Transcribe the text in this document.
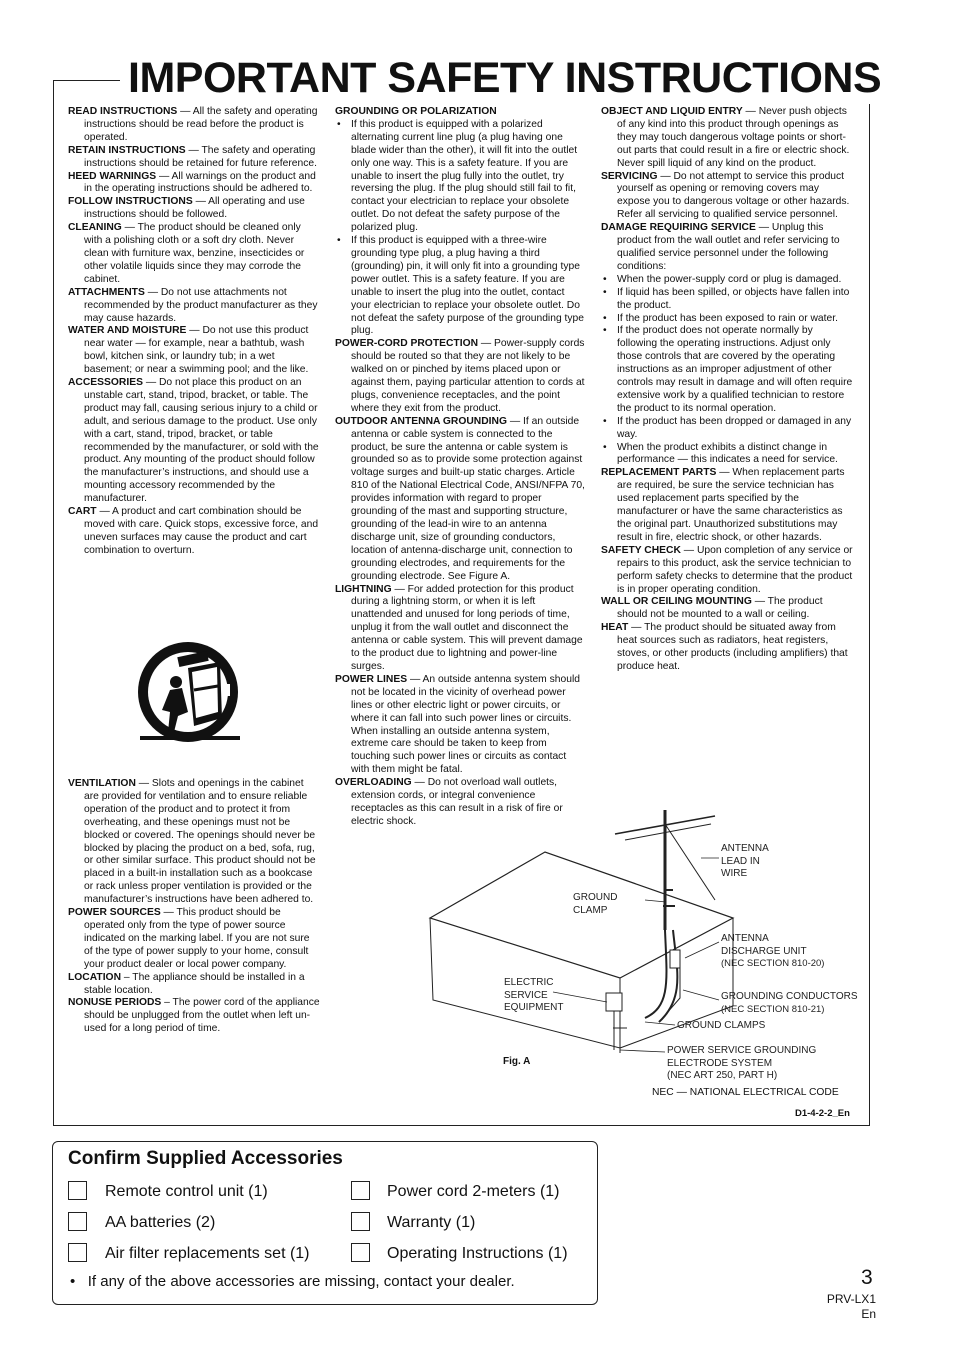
IMPORTANT SAFETY INSTRUCTIONS

READ INSTRUCTIONS — All the safety and operating instructions should be read before the product is operated.

RETAIN INSTRUCTIONS — The safety and operating instructions should be retained for future reference.

HEED WARNINGS — All warnings on the product and in the operating instructions should be adhered to.

FOLLOW INSTRUCTIONS — All operating and use instructions should be followed.

CLEANING — The product should be cleaned only with a polishing cloth or a soft dry cloth. Never clean with furniture wax, benzine, insecticides or other volatile liquids since they may corrode the cabinet.

ATTACHMENTS — Do not use attachments not recommended by the product manufacturer as they may cause hazards.

WATER AND MOISTURE — Do not use this product near water — for example, near a bathtub, wash bowl, kitchen sink, or laundry tub; in a wet basement; or near a swimming pool; and the like.

ACCESSORIES — Do not place this product on an unstable cart, stand, tripod, bracket, or table. The product may fall, causing serious injury to a child or adult, and serious damage to the product. Use only with a cart, stand, tripod, bracket, or table recommended by the manufacturer, or sold with the product. Any mounting of the product should follow the manufacturer’s instructions, and should use a mounting accessory recommended by the manufacturer.

CART — A product and cart combination should be moved with care. Quick stops, excessive force, and uneven surfaces may cause the product and cart combination to overturn.

VENTILATION — Slots and openings in the cabinet are provided for ventilation and to ensure reliable operation of the product and to protect it from overheating, and these openings must not be blocked or covered. The openings should never be blocked by placing the product on a bed, sofa, rug, or other similar surface. This product should not be placed in a built-in installation such as a bookcase or rack unless proper ventilation is provided or the manufacturer’s instructions have been adhered to.

POWER SOURCES — This product should be operated only from the type of power source indicated on the marking label. If you are not sure of the type of power supply to your home, consult your product dealer or local power company.

LOCATION – The appliance should be installed in a stable location.

NONUSE PERIODS – The power cord of the appliance should be unplugged from the outlet when left un-used for a long period of time.

GROUNDING OR POLARIZATION

• If this product is equipped with a polarized alternating current line plug (a plug having one blade wider than the other), it will fit into the outlet only one way. This is a safety feature. If you are unable to insert the plug fully into the outlet, try reversing the plug. If the plug should still fail to fit, contact your electrician to replace your obsolete outlet. Do not defeat the safety purpose of the polarized plug.

• If this product is equipped with a three-wire grounding type plug, a plug having a third (grounding) pin, it will only fit into a grounding type power outlet. This is a safety feature. If you are unable to insert the plug into the outlet, contact your electrician to replace your obsolete outlet. Do not defeat the safety purpose of the grounding type plug.

POWER-CORD PROTECTION — Power-supply cords should be routed so that they are not likely to be walked on or pinched by items placed upon or against them, paying particular attention to cords at plugs, convenience receptacles, and the point where they exit from the product.

OUTDOOR ANTENNA GROUNDING — If an outside antenna or cable system is connected to the product, be sure the antenna or cable system is grounded so as to provide some protection against voltage surges and built-up static charges. Article 810 of the National Electrical Code, ANSI/NFPA 70, provides information with regard to proper grounding of the mast and supporting structure, grounding of the lead-in wire to an antenna discharge unit, size of grounding conductors, location of antenna-discharge unit, connection to grounding electrodes, and requirements for the grounding electrode. See Figure A.

LIGHTNING — For added protection for this product during a lightning storm, or when it is left unattended and unused for long periods of time, unplug it from the wall outlet and disconnect the antenna or cable system. This will prevent damage to the product due to lightning and power-line surges.

POWER LINES — An outside antenna system should not be located in the vicinity of overhead power lines or other electric light or power circuits, or where it can fall into such power lines or circuits. When installing an outside antenna system, extreme care should be taken to keep from touching such power lines or circuits as contact with them might be fatal.

OVERLOADING — Do not overload wall outlets, extension cords, or integral convenience receptacles as this can result in a risk of fire or electric shock.

OBJECT AND LIQUID ENTRY — Never push objects of any kind into this product through openings as they may touch dangerous voltage points or short-out parts that could result in a fire or electric shock. Never spill liquid of any kind on the product.

SERVICING — Do not attempt to service this product yourself as opening or removing covers may expose you to dangerous voltage or other hazards. Refer all servicing to qualified service personnel.

DAMAGE REQUIRING SERVICE — Unplug this product from the wall outlet and refer servicing to qualified service personnel under the following conditions:

• When the power-supply cord or plug is damaged.

• If liquid has been spilled, or objects have fallen into the product.

• If the product has been exposed to rain or water.

• If the product does not operate normally by following the operating instructions. Adjust only those controls that are covered by the operating instructions as an improper adjustment of other controls may result in damage and will often require extensive work by a qualified technician to restore the product to its normal operation.

• If the product has been dropped or damaged in any way.

• When the product exhibits a distinct change in performance — this indicates a need for service.

REPLACEMENT PARTS — When replacement parts are required, be sure the service technician has used replacement parts specified by the manufacturer or have the same characteristics as the original part. Unauthorized substitutions may result in fire, electric shock, or other hazards.

SAFETY CHECK — Upon completion of any service or repairs to this product, ask the service technician to perform safety checks to determine that the product is in proper operating condition.

WALL OR CEILING MOUNTING — The product should not be mounted to a wall or ceiling.

HEAT — The product should be situated away from heat sources such as radiators, heat registers, stoves, or other products (including amplifiers) that produce heat.

ANTENNA
LEAD IN
WIRE
GROUND
CLAMP
ANTENNA
DISCHARGE UNIT
(NEC SECTION 810-20)
ELECTRIC
SERVICE
EQUIPMENT
GROUNDING CONDUCTORS
(NEC SECTION 810-21)
GROUND CLAMPS
POWER SERVICE GROUNDING
ELECTRODE SYSTEM
(NEC ART 250, PART H)
Fig. A
NEC — NATIONAL ELECTRICAL CODE
D1-4-2-2_En
Confirm Supplied Accessories
Remote control unit (1)	Power cord 2-meters (1)
AA batteries (2)	Warranty (1)
Air filter replacements set (1)	Operating Instructions (1)
•   If any of the above accessories are missing, contact your dealer.	3
PRV-LX1
En
